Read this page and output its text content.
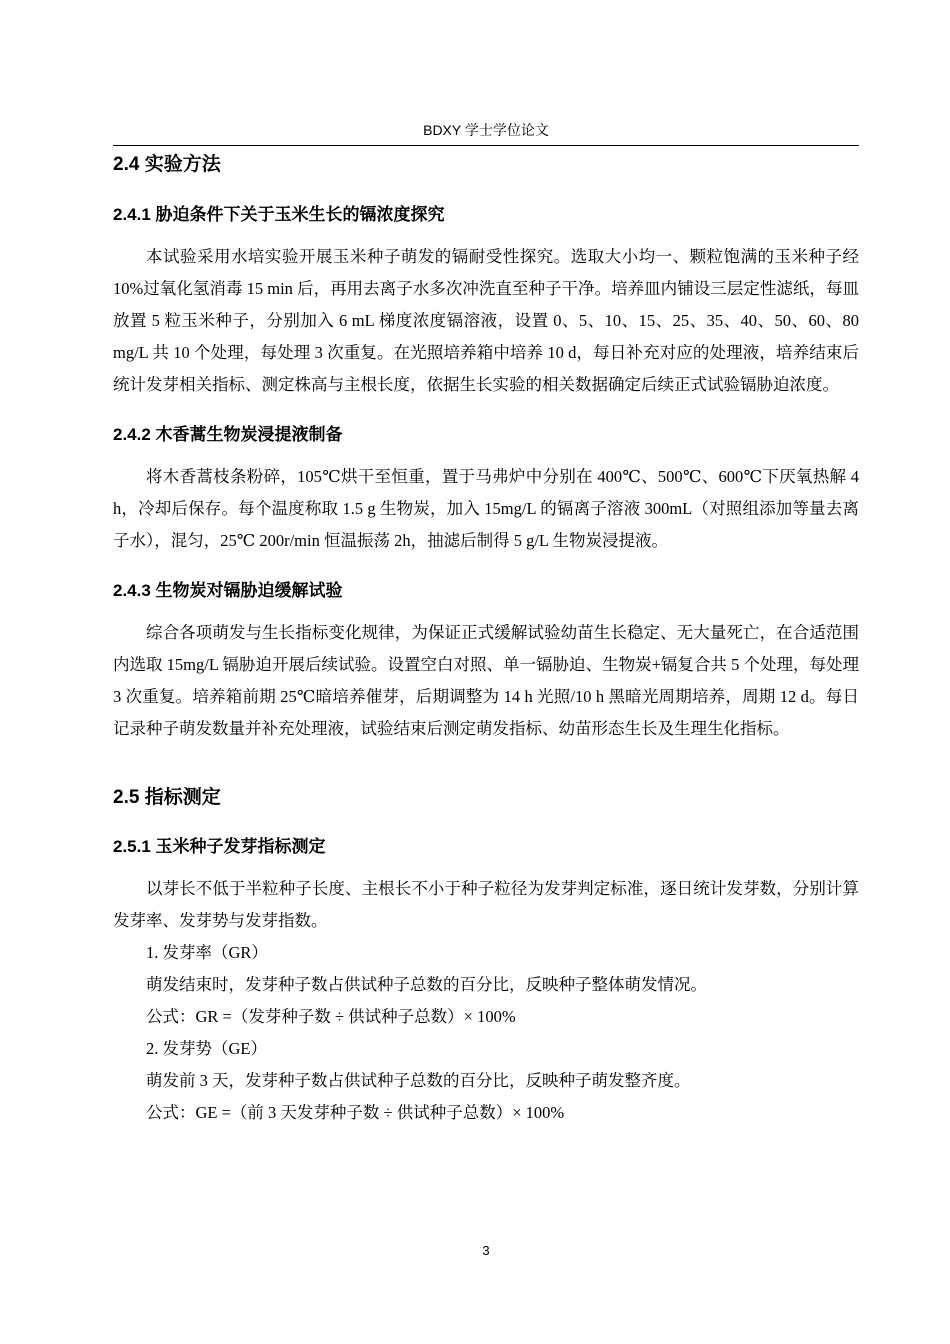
BDXY 学士学位论文
2.4 实验方法
2.4.1 胁迫条件下关于玉米生长的镉浓度探究

本试验采用水培实验开展玉米种子萌发的镉耐受性探究。选取大小均一、颗粒饱满的玉米种子经 10%过氧化氢消毒 15 min 后，再用去离子水多次冲洗直至种子干净。培养皿内铺设三层定性滤纸，每皿放置 5 粒玉米种子，分别加入 6 mL 梯度浓度镉溶液，设置 0、5、10、15、25、35、40、50、60、80 mg/L 共 10 个处理，每处理 3 次重复。在光照培养箱中培养 10 d，每日补充对应的处理液，培养结束后统计发芽相关指标、测定株高与主根长度，依据生长实验的相关数据确定后续正式试验镉胁迫浓度。

2.4.2 木香蒿生物炭浸提液制备

将木香蒿枝条粉碎，105℃烘干至恒重，置于马弗炉中分别在 400℃、500℃、600℃下厌氧热解 4 h，冷却后保存。每个温度称取 1.5 g 生物炭，加入 15mg/L 的镉离子溶液 300mL（对照组添加等量去离子水），混匀，25℃ 200r/min 恒温振荡 2h，抽滤后制得 5 g/L 生物炭浸提液。

2.4.3 生物炭对镉胁迫缓解试验

综合各项萌发与生长指标变化规律，为保证正式缓解试验幼苗生长稳定、无大量死亡，在合适范围内选取 15mg/L 镉胁迫开展后续试验。设置空白对照、单一镉胁迫、生物炭+镉复合共 5 个处理，每处理 3 次重复。培养箱前期 25℃暗培养催芽，后期调整为 14 h 光照/10 h 黑暗光周期培养，周期 12 d。每日记录种子萌发数量并补充处理液，试验结束后测定萌发指标、幼苗形态生长及生理生化指标。

2.5 指标测定
2.5.1 玉米种子发芽指标测定

以芽长不低于半粒种子长度、主根长不小于种子粒径为发芽判定标准，逐日统计发芽数，分别计算发芽率、发芽势与发芽指数。

1. 发芽率（GR）

萌发结束时，发芽种子数占供试种子总数的百分比，反映种子整体萌发情况。

公式：GR =（发芽种子数 ÷ 供试种子总数）× 100%

2. 发芽势（GE）

萌发前 3 天，发芽种子数占供试种子总数的百分比，反映种子萌发整齐度。

公式：GE =（前 3 天发芽种子数 ÷ 供试种子总数）× 100%

3
